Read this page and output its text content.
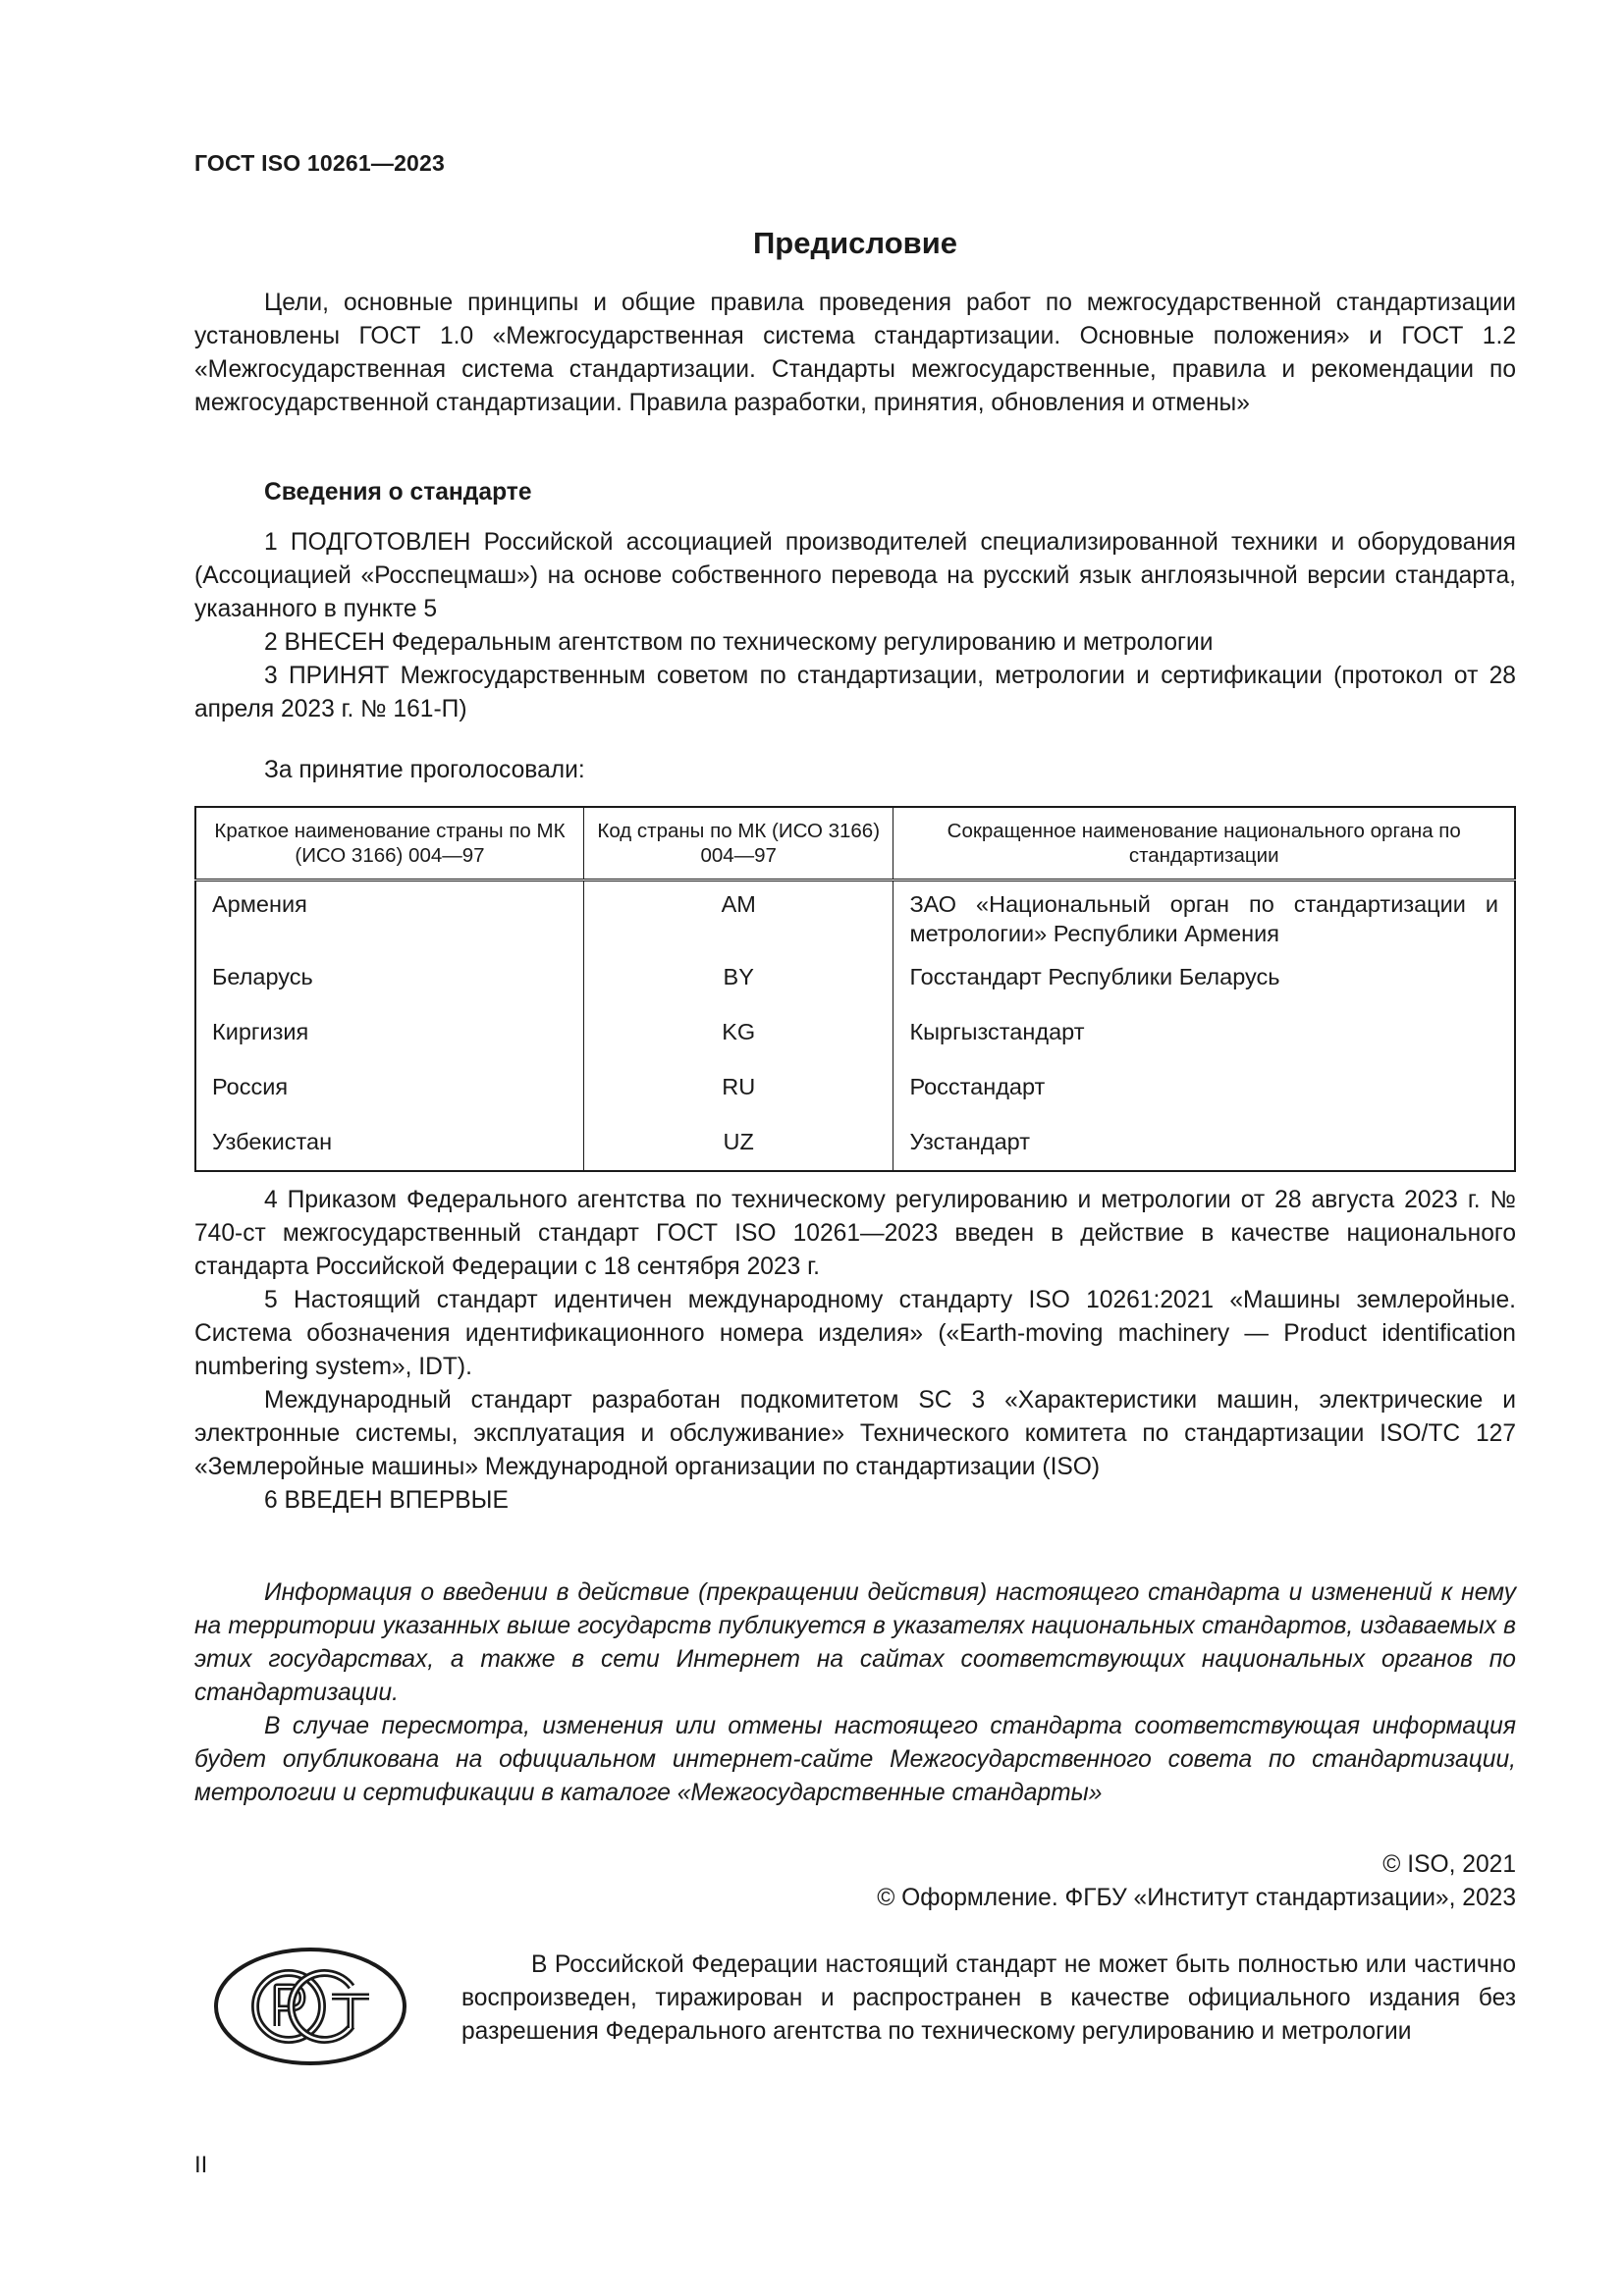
ГОСТ ISO 10261—2023
Предисловие

Цели, основные принципы и общие правила проведения работ по межгосударственной стандартизации установлены ГОСТ 1.0 «Межгосударственная система стандартизации. Основные положения» и ГОСТ 1.2 «Межгосударственная система стандартизации. Стандарты межгосударственные, правила и рекомендации по межгосударственной стандартизации. Правила разработки, принятия, обновления и отмены»

Сведения о стандарте

1 ПОДГОТОВЛЕН Российской ассоциацией производителей специализированной техники и оборудования (Ассоциацией «Росспецмаш») на основе собственного перевода на русский язык англоязычной версии стандарта, указанного в пункте 5

2 ВНЕСЕН Федеральным агентством по техническому регулированию и метрологии

3 ПРИНЯТ Межгосударственным советом по стандартизации, метрологии и сертификации (протокол от 28 апреля 2023 г. № 161-П)

За принятие проголосовали:

Краткое наименование страны по МК (ИСО 3166) 004—97	Код страны по МК (ИСО 3166) 004—97	Сокращенное наименование национального органа по стандартизации
Армения	AM	ЗАО «Национальный орган по стандартизации и метрологии» Республики Армения
Беларусь	BY	Госстандарт Республики Беларусь
Киргизия	KG	Кыргызстандарт
Россия	RU	Росстандарт
Узбекистан	UZ	Узстандарт

4 Приказом Федерального агентства по техническому регулированию и метрологии от 28 августа 2023 г. № 740-ст межгосударственный стандарт ГОСТ ISO 10261—2023 введен в действие в качестве национального стандарта Российской Федерации с 18 сентября 2023 г.

5 Настоящий стандарт идентичен международному стандарту ISO 10261:2021 «Машины землеройные. Система обозначения идентификационного номера изделия» («Earth-moving machinery — Product identification numbering system», IDT).

Международный стандарт разработан подкомитетом SC 3 «Характеристики машин, электрические и электронные системы, эксплуатация и обслуживание» Технического комитета по стандартизации ISO/TC 127 «Землеройные машины» Международной организации по стандартизации (ISO)

6 ВВЕДЕН ВПЕРВЫЕ

Информация о введении в действие (прекращении действия) настоящего стандарта и изменений к нему на территории указанных выше государств публикуется в указателях национальных стандартов, издаваемых в этих государствах, а также в сети Интернет на сайтах соответствующих национальных органов по стандартизации.

В случае пересмотра, изменения или отмены настоящего стандарта соответствующая информация будет опубликована на официальном интернет-сайте Межгосударственного совета по стандартизации, метрологии и сертификации в каталоге «Межгосударственные стандарты»

© ISO, 2021
© Оформление. ФГБУ «Институт стандартизации», 2023

В Российской Федерации настоящий стандарт не может быть полностью или частично воспроизведен, тиражирован и распространен в качестве официального издания без разрешения Федерального агентства по техническому регулированию и метрологии

II
